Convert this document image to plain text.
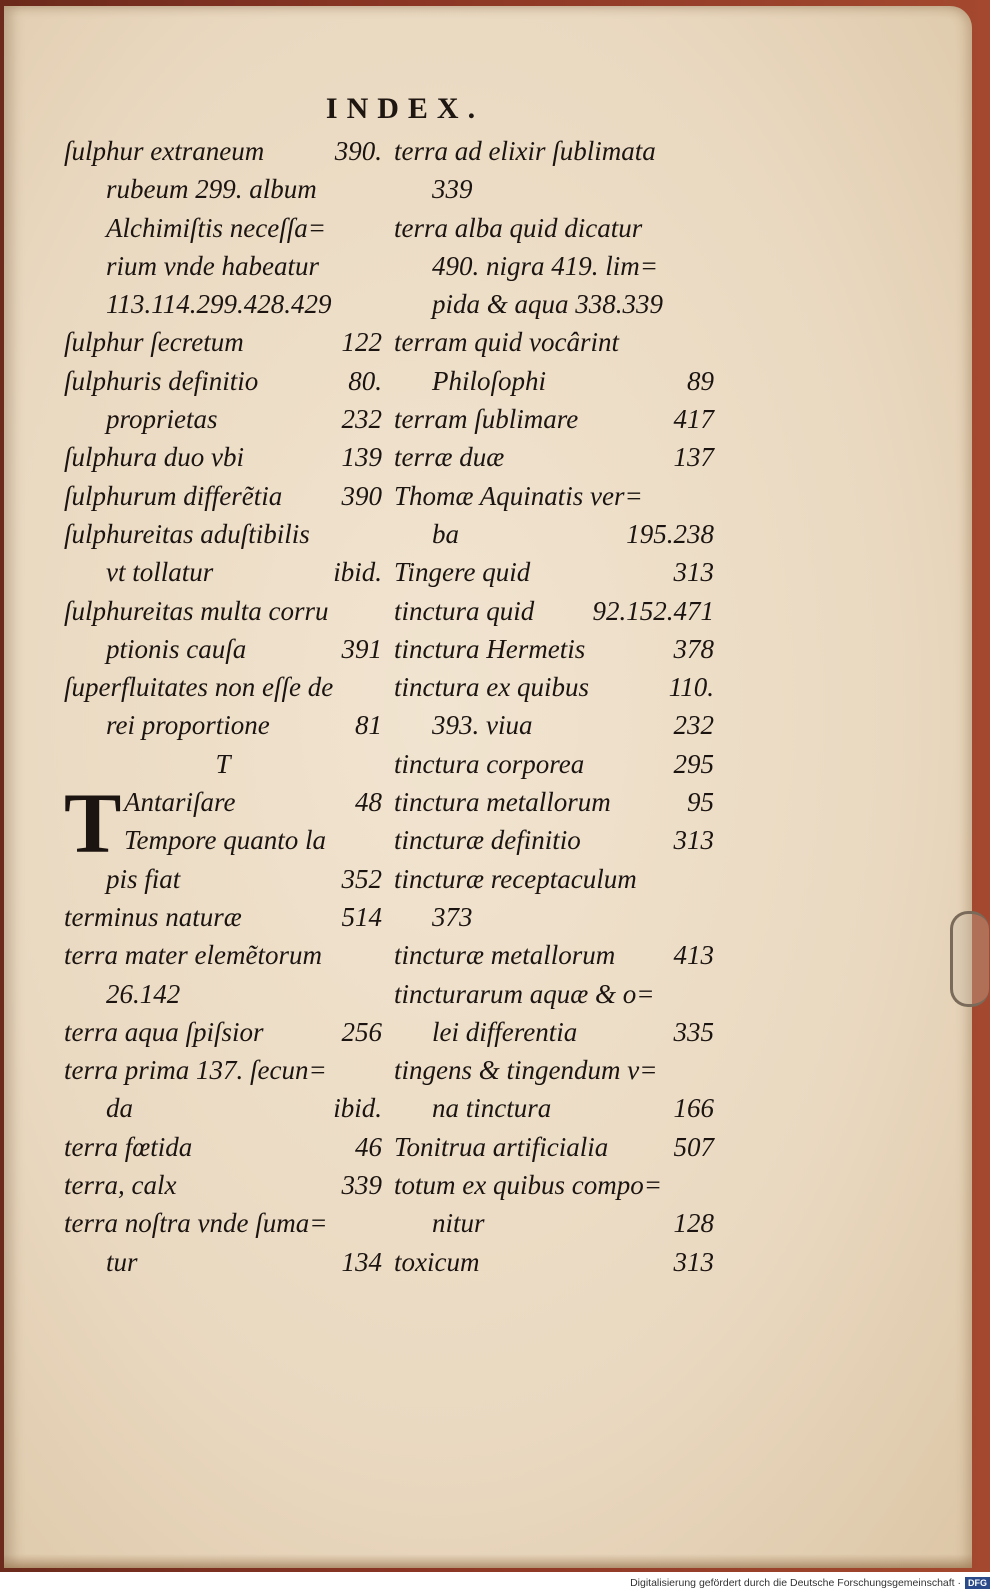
INDEX.
ſulphur extraneum	390.
rubeum 299. album
Alchimiſtis neceſſa=
rium vnde habeatur
113.114.299.428.429
ſulphur ſecretum	122
ſulphuris definitio	80.
proprietas	232
ſulphura duo vbi	139
ſulphurum differẽtia 390
ſulphureitas aduſtibilis
vt tollatur	ibid.
ſulphureitas multa corru
ptionis cauſa	391
ſuperfluitates non eſſe de
rei proportione	81
T
T Antariſare	48
Tempore quanto la
pis fiat	352
terminus naturæ	514
terra mater elemẽtorum
26.142
terra aqua ſpiſsior	256
terra prima 137. ſecun=
da	ibid.
terra fœtida	46
terra, calx	339
terra noſtra vnde ſuma=
tur	134
terra ad elixir ſublimata
339
terra alba quid dicatur
490. nigra 419. lim=
pida & aqua 338.339
terram quid vocârint
Philoſophi	89
terram ſublimare	417
terræ duæ	137
Thomæ Aquinatis ver=
ba	195.238
Tingere quid	313
tinctura quid 92.152.471
tinctura Hermetis	378
tinctura ex quibus	110.
393. viua	232
tinctura corporea	295
tinctura metallorum	95
tincturæ definitio	313
tincturæ receptaculum
373
tincturæ metallorum 413
tincturarum aquæ & o=
lei differentia	335
tingens & tingendum v=
na tinctura	166
Tonitrua artificialia 507
totum ex quibus compo=
nitur	128
toxicum	313
Digitalisierung gefördert durch die Deutsche Forschungsgemeinschaft · DFG
